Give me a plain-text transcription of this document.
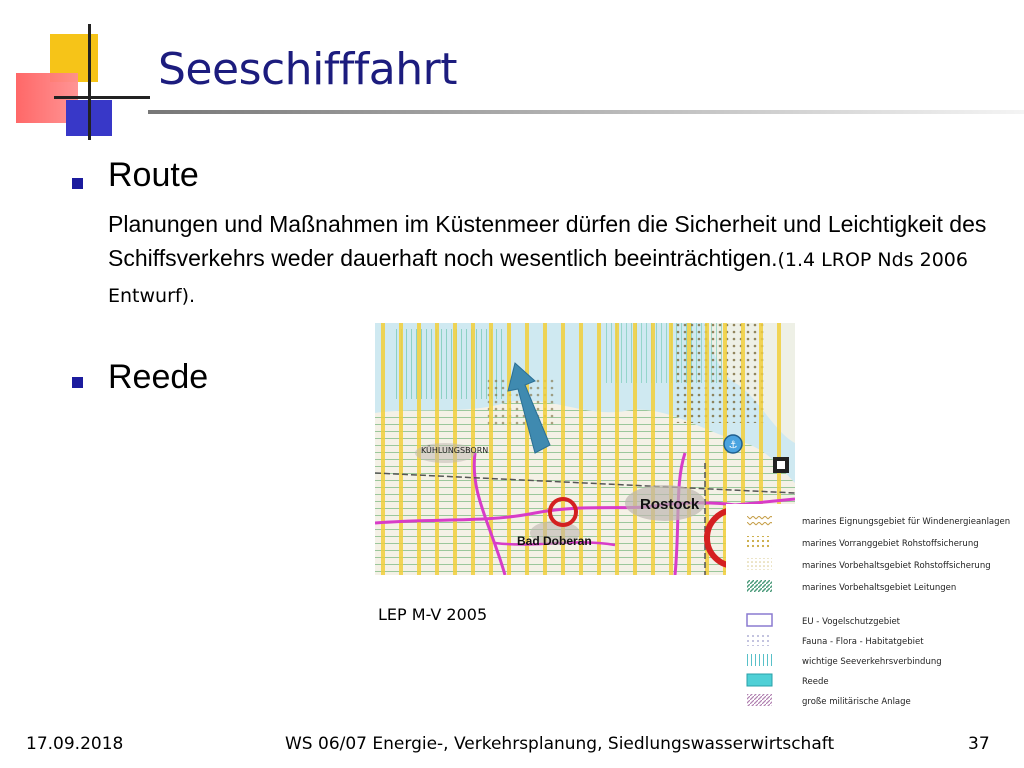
Seeschifffahrt
Route
Planungen und Maßnahmen im Küstenmeer dürfen die Sicherheit und Leichtigkeit des Schiffsverkehrs weder dauerhaft noch wesentlich beeinträchtigen.(1.4 LROP Nds 2006 Entwurf).
Reede
⚓
KÜHLUNGSBORN
Rostock
Bad Doberan
marines Eignungsgebiet für Windenergieanlagen
marines Vorranggebiet Rohstoffsicherung
marines Vorbehaltsgebiet Rohstoffsicherung
marines Vorbehaltsgebiet Leitungen
EU - Vogelschutzgebiet
Fauna - Flora - Habitatgebiet
wichtige Seeverkehrsverbindung
Reede
große militärische Anlage
LEP M-V 2005
17.09.2018	WS 06/07 Energie-, Verkehrsplanung, Siedlungswasserwirtschaft	37
